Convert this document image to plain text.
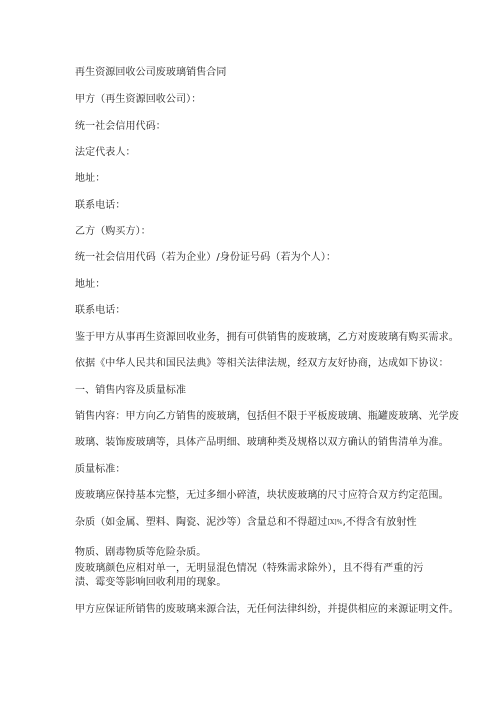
再生资源回收公司废玻璃销售合同
甲方（再生资源回收公司）：
统一社会信用代码：
法定代表人：
地址：
联系电话：
乙方（购买方）：
统一社会信用代码（若为企业）/身份证号码（若为个人）：
地址：
联系电话：
鉴于甲方从事再生资源回收业务，拥有可供销售的废玻璃，乙方对废玻璃有购买需求。
依据《中华人民共和国民法典》等相关法律法规，经双方友好协商，达成如下协议：
一、销售内容及质量标准
销售内容：甲方向乙方销售的废玻璃，包括但不限于平板废玻璃、瓶罐废玻璃、光学废
玻璃、装饰废玻璃等，具体产品明细、玻璃种类及规格以双方确认的销售清单为准。
质量标准：
废玻璃应保持基本完整，无过多细小碎渣，块状废玻璃的尺寸应符合双方约定范围。
杂质（如金属、塑料、陶瓷、泥沙等）含量总和不得超过[X]%,不得含有放射性
物质、剧毒物质等危险杂质。
废玻璃颜色应相对单一，无明显混色情况（特殊需求除外），且不得有严重的污渍、霉变等影响回收利用的现象。
甲方应保证所销售的废玻璃来源合法，无任何法律纠纷，并提供相应的来源证明文件。
